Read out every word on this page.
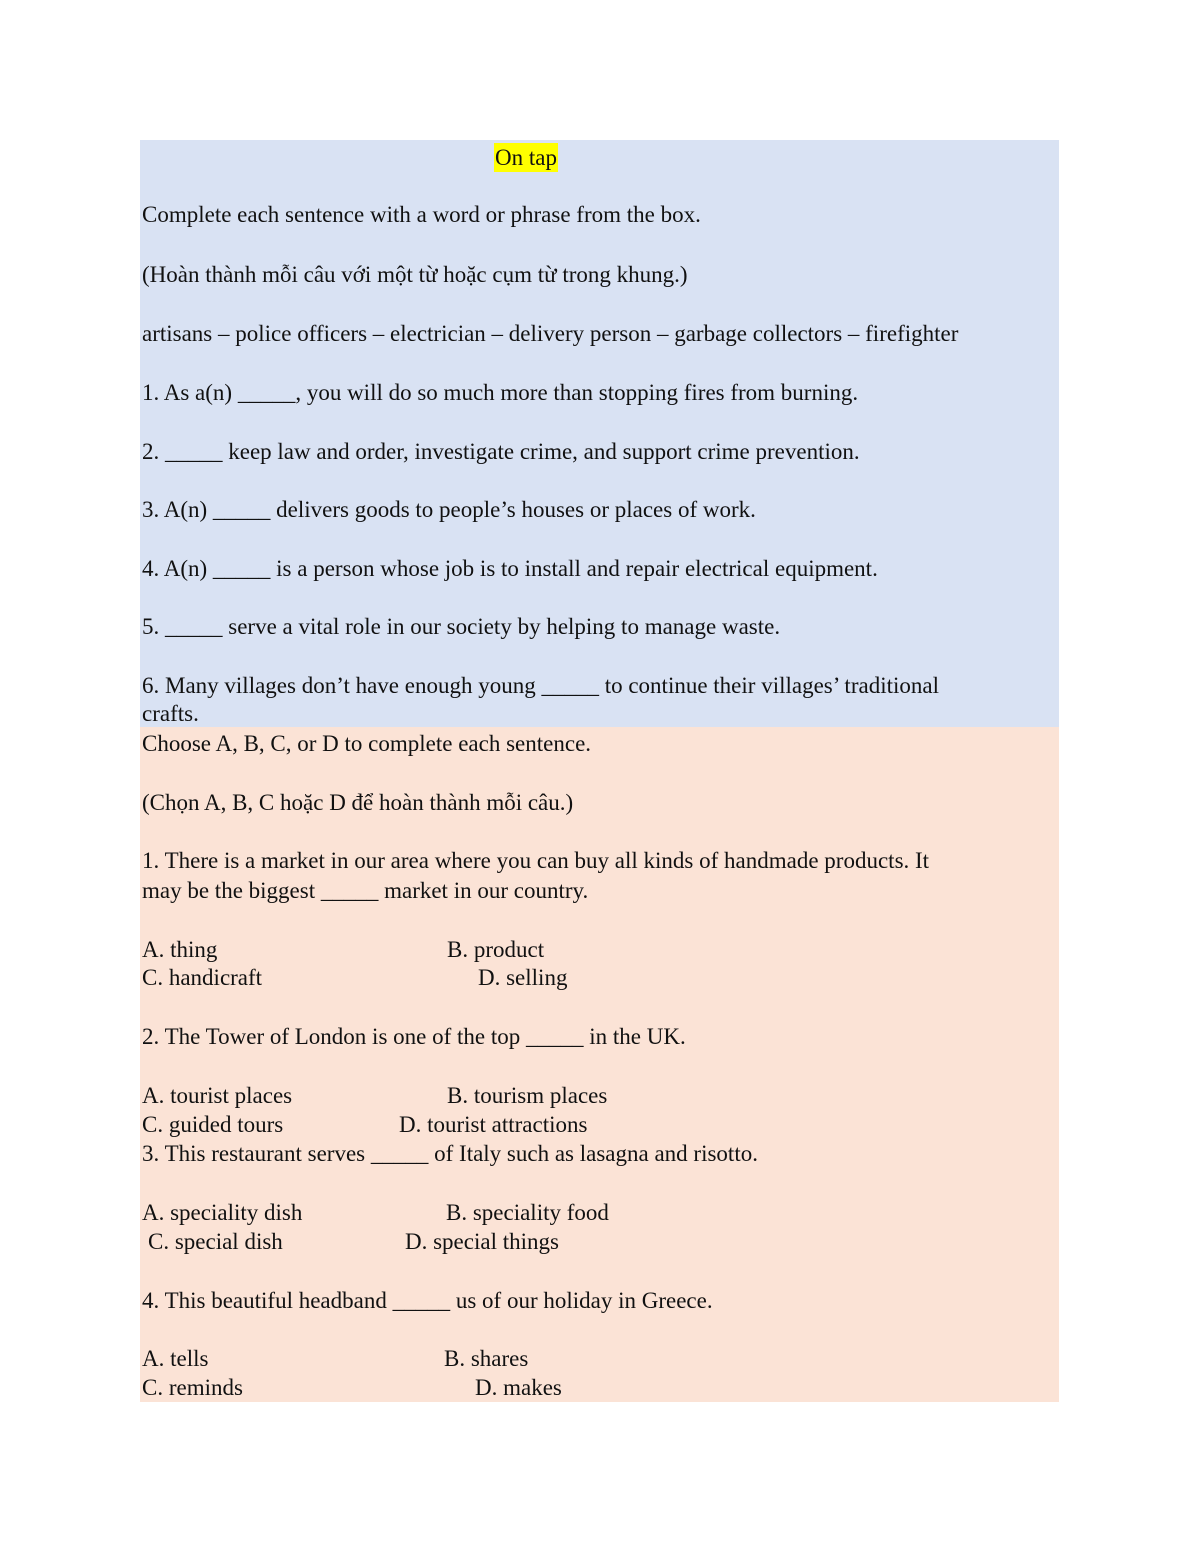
On tap

Complete each sentence with a word or phrase from the box.

(Hoàn thành mỗi câu với một từ hoặc cụm từ trong khung.)

artisans – police officers – electrician – delivery person – garbage collectors – firefighter

1. As a(n) _____, you will do so much more than stopping fires from burning.

2. _____ keep law and order, investigate crime, and support crime prevention.

3. A(n) _____ delivers goods to people’s houses or places of work.

4. A(n) _____ is a person whose job is to install and repair electrical equipment.

5. _____ serve a vital role in our society by helping to manage waste.

6. Many villages don’t have enough young _____ to continue their villages’ traditional

crafts.

Choose A, B, C, or D to complete each sentence.

(Chọn A, B, C hoặc D để hoàn thành mỗi câu.)

1. There is a market in our area where you can buy all kinds of handmade products. It

may be the biggest _____ market in our country.

A. thing	B. product

C. handicraft	D. selling

2. The Tower of London is one of the top _____ in the UK.

A. tourist places	B. tourism places

C. guided tours	D. tourist attractions

3. This restaurant serves _____ of Italy such as lasagna and risotto.

A. speciality dish	B. speciality food

C. special dish	D. special things

4. This beautiful headband _____ us of our holiday in Greece.

A. tells	B. shares

C. reminds	D. makes
